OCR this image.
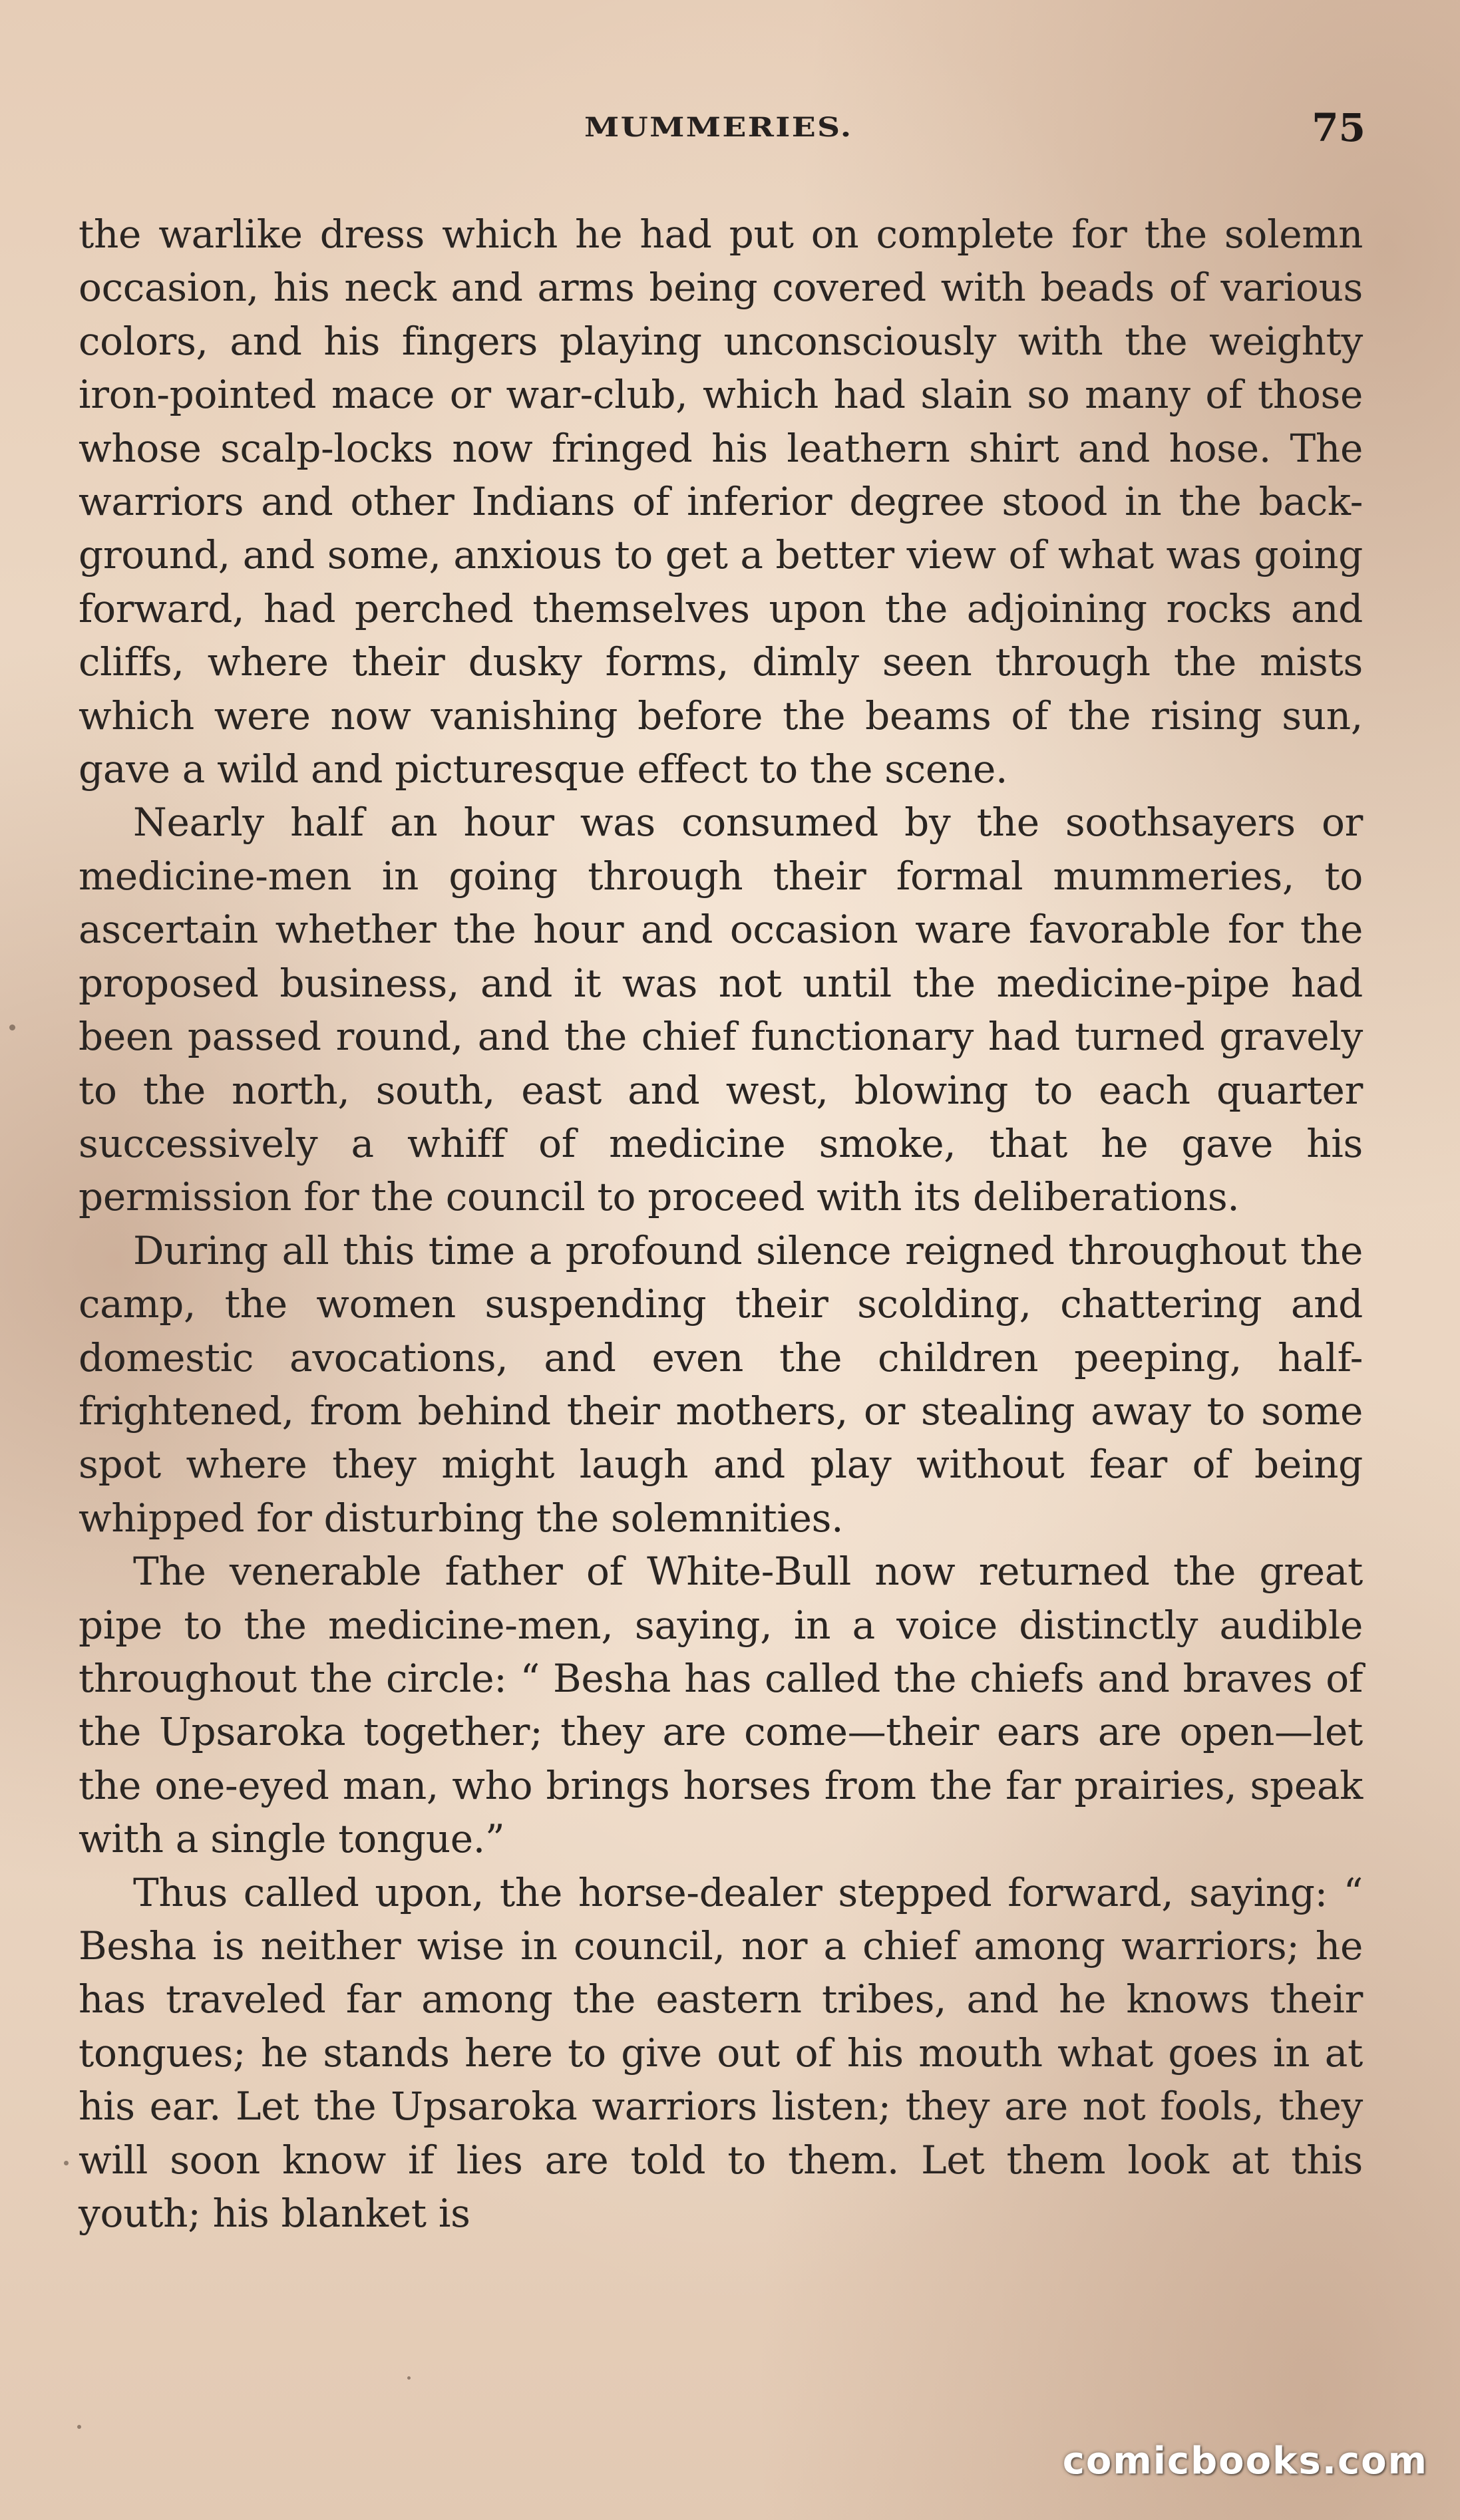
MUMMERIES.	75

the warlike dress which he had put on complete for the solemn occasion, his neck and arms being covered with beads of various colors, and his fingers playing unconsciously with the weighty iron-pointed mace or war-club, which had slain so many of those whose scalp-locks now fringed his leathern shirt and hose. The warriors and other Indians of inferior degree stood in the back-ground, and some, anxious to get a better view of what was going forward, had perched themselves upon the adjoining rocks and cliffs, where their dusky forms, dimly seen through the mists which were now vanishing before the beams of the rising sun, gave a wild and picturesque effect to the scene.

Nearly half an hour was consumed by the soothsayers or medicine-men in going through their formal mummeries, to ascertain whether the hour and occasion ware favorable for the proposed business, and it was not until the medicine-pipe had been passed round, and the chief functionary had turned gravely to the north, south, east and west, blowing to each quarter successively a whiff of medicine smoke, that he gave his permission for the council to proceed with its deliberations.

During all this time a profound silence reigned throughout the camp, the women suspending their scolding, chattering and domestic avocations, and even the children peeping, half-frightened, from behind their mothers, or stealing away to some spot where they might laugh and play without fear of being whipped for disturbing the solemnities.

The venerable father of White-Bull now returned the great pipe to the medicine-men, saying, in a voice distinctly audible throughout the circle: “ Besha has called the chiefs and braves of the Upsaroka together; they are come—their ears are open—let the one-eyed man, who brings horses from the far prairies, speak with a single tongue.”

Thus called upon, the horse-dealer stepped forward, saying: “ Besha is neither wise in council, nor a chief among warriors; he has traveled far among the eastern tribes, and he knows their tongues; he stands here to give out of his mouth what goes in at his ear. Let the Upsaroka warriors listen; they are not fools, they will soon know if lies are told to them. Let them look at this youth; his blanket is

comicbooks.com
